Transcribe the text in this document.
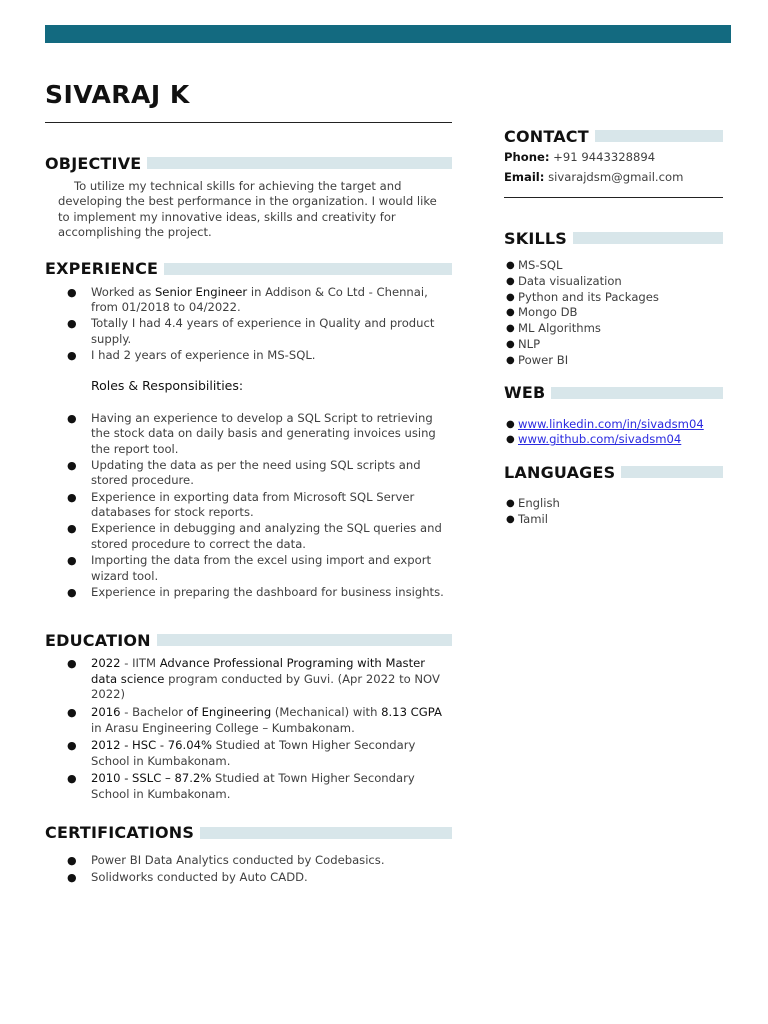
SIVARAJ K
OBJECTIVE
To utilize my technical skills for achieving the target and developing the best performance in the organization. I would like to implement my innovative ideas, skills and creativity for accomplishing the project.
EXPERIENCE
● Worked as Senior Engineer in Addison & Co Ltd - Chennai, from 01/2018 to 04/2022.
● Totally I had 4.4 years of experience in Quality and product supply.
● I had 2 years of experience in MS-SQL.
Roles & Responsibilities:
● Having an experience to develop a SQL Script to retrieving the stock data on daily basis and generating invoices using the report tool.
● Updating the data as per the need using SQL scripts and stored procedure.
● Experience in exporting data from Microsoft SQL Server databases for stock reports.
● Experience in debugging and analyzing the SQL queries and stored procedure to correct the data.
● Importing the data from the excel using import and export wizard tool.
● Experience in preparing the dashboard for business insights.
EDUCATION
● 2022 - IITM Advance Professional Programing with Master data science program conducted by Guvi. (Apr 2022 to NOV 2022)
● 2016 - Bachelor of Engineering (Mechanical) with 8.13 CGPA
in Arasu Engineering College – Kumbakonam.
● 2012 - HSC - 76.04% Studied at Town Higher Secondary School in Kumbakonam.
● 2010 - SSLC – 87.2% Studied at Town Higher Secondary School in Kumbakonam.
CERTIFICATIONS
● Power BI Data Analytics conducted by Codebasics.
● Solidworks conducted by Auto CADD.
CONTACT
Phone: +91 9443328894
Email: sivarajdsm@gmail.com
SKILLS
● MS-SQL
● Data visualization
● Python and its Packages
● Mongo DB
● ML Algorithms
● NLP
● Power BI
WEB
● www.linkedin.com/in/sivadsm04
● www.github.com/sivadsm04
LANGUAGES
● English
● Tamil
